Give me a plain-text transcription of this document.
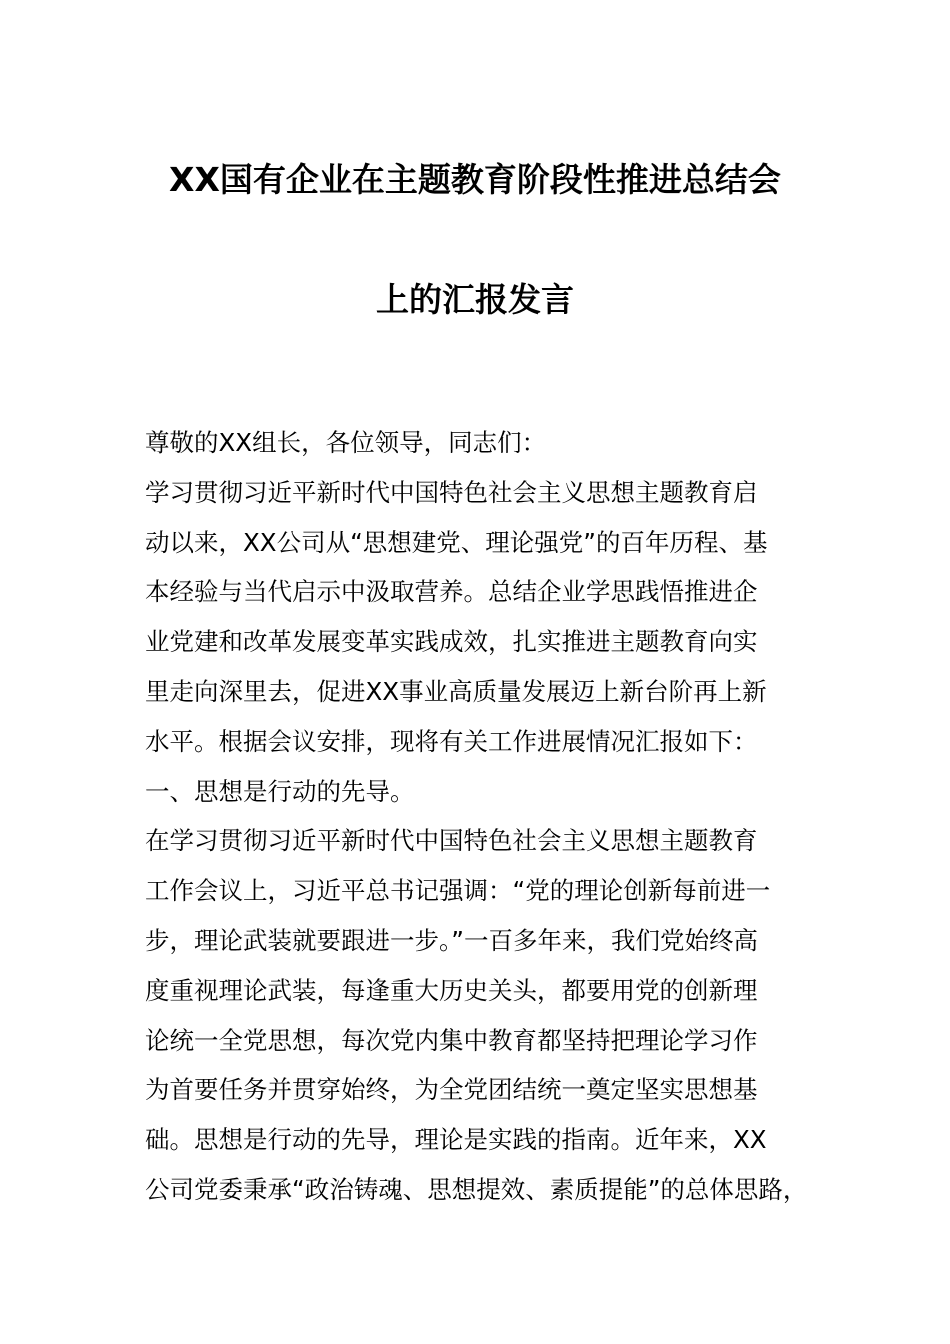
XX国有企业在主题教育阶段性推进总结会
上的汇报发言
尊敬的XX组长，各位领导，同志们：
学习贯彻习近平新时代中国特色社会主义思想主题教育启
动以来，XX公司从“思想建党、理论强党”的百年历程、基
本经验与当代启示中汲取营养。总结企业学思践悟推进企
业党建和改革发展变革实践成效，扎实推进主题教育向实
里走向深里去，促进XX事业高质量发展迈上新台阶再上新
水平。根据会议安排，现将有关工作进展情况汇报如下：
一、思想是行动的先导。
在学习贯彻习近平新时代中国特色社会主义思想主题教育
工作会议上，习近平总书记强调：“党的理论创新每前进一
步，理论武装就要跟进一步。”一百多年来，我们党始终高
度重视理论武装，每逢重大历史关头，都要用党的创新理
论统一全党思想，每次党内集中教育都坚持把理论学习作
为首要任务并贯穿始终，为全党团结统一奠定坚实思想基
础。思想是行动的先导，理论是实践的指南。近年来，XX
公司党委秉承“政治铸魂、思想提效、素质提能”的总体思路，
